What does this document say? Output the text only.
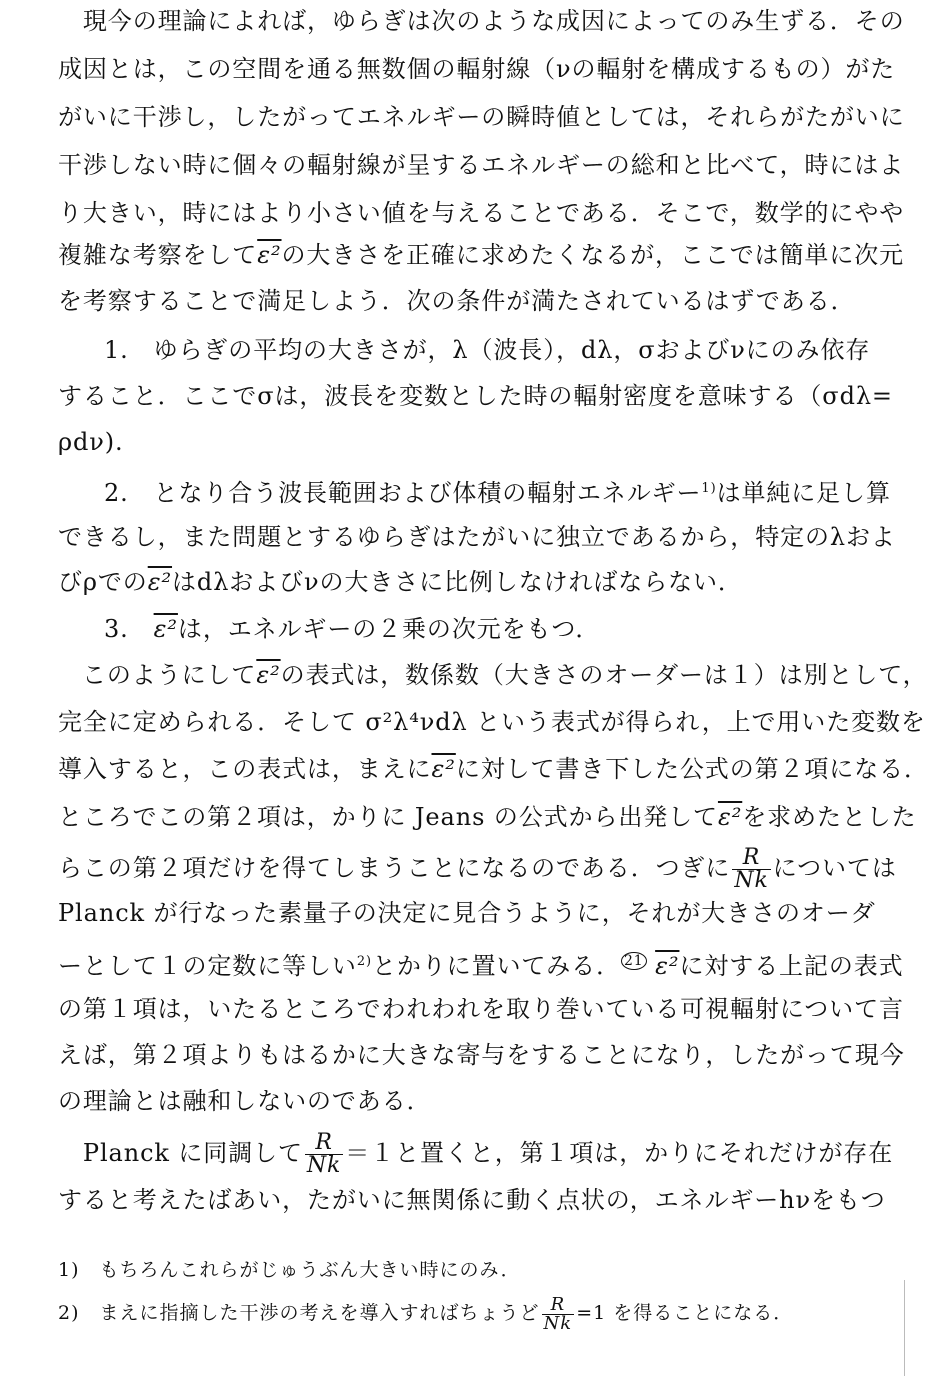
　現今の理論によれば，ゆらぎは次のような成因によってのみ生ずる．その
成因とは，この空間を通る無数個の輻射線（νの輻射を構成するもの）がた
がいに干渉し，したがってエネルギーの瞬時値としては，それらがたがいに
干渉しない時に個々の輻射線が呈するエネルギーの総和と比べて，時にはよ
り大きい，時にはより小さい値を与えることである．そこで，数学的にやや
複雑な考察をしてε²の大きさを正確に求めたくなるが，ここでは簡単に次元
を考察することで満足しよう．次の条件が満たされているはずである．
1.　ゆらぎの平均の大きさが，λ（波長），dλ，σおよびνにのみ依存
すること．ここでσは，波長を変数とした時の輻射密度を意味する（σdλ=
ρdν).
2.　となり合う波長範囲および体積の輻射エネルギー$^{1)}$は単純に足し算
できるし，また問題とするゆらぎはたがいに独立であるから，特定のλおよ
びρでのε²はdλおよびνの大きさに比例しなければならない．
3.　ε²は，エネルギーの２乗の次元をもつ．
このようにしてε²の表式は，数係数（大きさのオーダーは１）は別として，
完全に定められる．そして σ²λ⁴νdλ という表式が得られ，上で用いた変数を
導入すると，この表式は，まえにε²に対して書き下した公式の第２項になる．
ところでこの第２項は，かりに Jeans の公式から出発してε²を求めたとした
らこの第２項だけを得てしまうことになるのである．つぎに $\frac{R}{Nk}$ については
Planck が行なった素量子の決定に見合うように，それが大きさのオーダ
ーとして１の定数に等しい$^{2)}$とかりに置いてみる． $^{21}$ ε²に対する上記の表式
の第１項は，いたるところでわれわれを取り巻いている可視輻射について言
えば，第２項よりもはるかに大きな寄与をすることになり，したがって現今
の理論とは融和しないのである．
　Planck に同調して $\frac{R}{Nk} =1$と置くと，第１項は，かりにそれだけが存在
すると考えたばあい，たがいに無関係に動く点状の，エネルギーhνをもつ
1)　もちろんこれらがじゅうぶん大きい時にのみ．
2)　まえに指摘した干渉の考えを導入すればちょうど $\frac{R}{Nk} =1$ を得ることになる．
